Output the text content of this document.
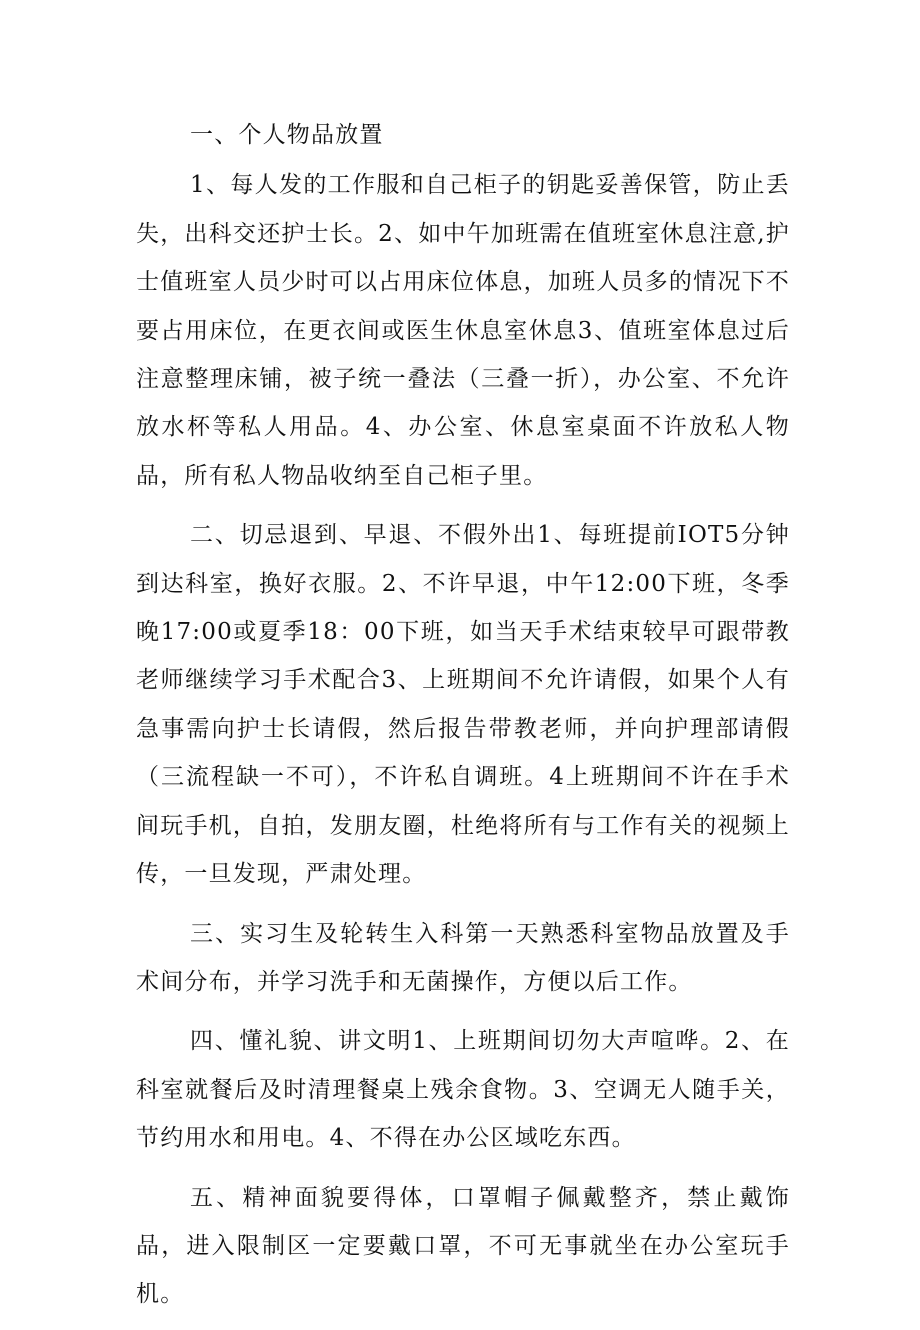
一、个人物品放置

1、每人发的工作服和自己柜子的钥匙妥善保管，防止丢失，出科交还护士长。2、如中午加班需在值班室休息注意,护士值班室人员少时可以占用床位体息，加班人员多的情况下不要占用床位，在更衣间或医生休息室休息3、值班室体息过后注意整理床铺，被子统一叠法（三叠一折），办公室、不允许放水杯等私人用品。4、办公室、休息室桌面不许放私人物品，所有私人物品收纳至自己柜子里。

二、切忌退到、早退、不假外出1、每班提前IOT5分钟到达科室，换好衣服。2、不许早退，中午12:00下班，冬季晚17:00或夏季18：00下班，如当天手术结束较早可跟带教老师继续学习手术配合3、上班期间不允许请假，如果个人有急事需向护士长请假，然后报告带教老师，并向护理部请假（三流程缺一不可），不许私自调班。4上班期间不许在手术间玩手机，自拍，发朋友圈，杜绝将所有与工作有关的视频上传，一旦发现，严肃处理。

三、实习生及轮转生入科第一天熟悉科室物品放置及手术间分布，并学习洗手和无菌操作，方便以后工作。

四、懂礼貌、讲文明1、上班期间切勿大声喧哗。2、在科室就餐后及时清理餐桌上残余食物。3、空调无人随手关，节约用水和用电。4、不得在办公区域吃东西。

五、精神面貌要得体，口罩帽子佩戴整齐，禁止戴饰品，进入限制区一定要戴口罩，不可无事就坐在办公室玩手机。
